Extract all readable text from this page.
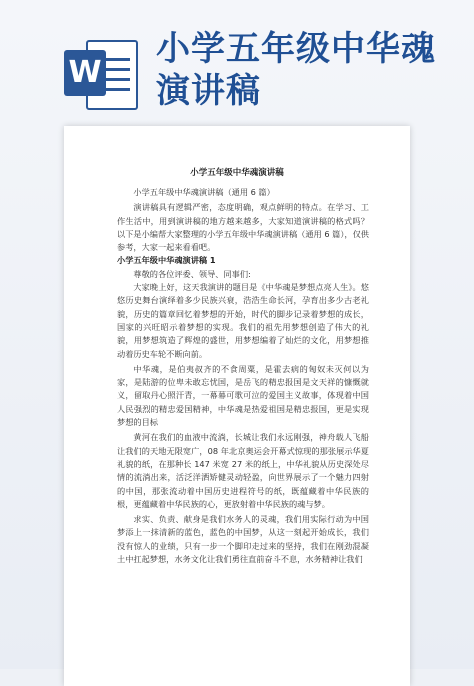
W
小学五年级中华魂演讲稿
小学五年级中华魂演讲稿

小学五年级中华魂演讲稿（通用 6 篇）

演讲稿具有逻辑严密，态度明确，观点鲜明的特点。在学习、工作生活中，用到演讲稿的地方越来越多，大家知道演讲稿的格式吗？以下是小编帮大家整理的小学五年级中华魂演讲稿（通用 6 篇），仅供参考，大家一起来看看吧。

小学五年级中华魂演讲稿 1

尊敬的各位评委、领导、同事们:

大家晚上好，这天我演讲的题目是《中华魂是梦想点亮人生》。悠悠历史舞台演绎着多少民族兴衰，浩浩生命长河，孕育出多少古老礼貌，历史的篇章回忆着梦想的开始，时代的脚步记录着梦想的成长，国家的兴旺昭示着梦想的实现。我们的祖先用梦想创造了伟大的礼貌，用梦想筑造了辉煌的盛世，用梦想编着了灿烂的文化，用梦想推动着历史车轮不断向前。

中华魂，是伯夷叔齐的不食周粟，是霍去病的匈奴未灭何以为家，是陆游的位卑未敢忘忧国，是岳飞的精忠报国是文天祥的慷慨就义，留取丹心照汗青，一幕幕可歌可泣的爱国主义故事，体现着中国人民强烈的精忠爱国精神，中华魂是热爱祖国是精忠报国，更是实现梦想的目标

黄河在我们的血液中流淌，长城让我们永远刚强，神舟载人飞船让我们的天地无限宽广，08 年北京奥运会开幕式惊现的那张展示华夏礼貌的纸，在那种长 147 米宽 27 米的纸上，中华礼貌从历史深处尽情的流淌出来，活泛洋洒矫健灵动轻盈，向世界展示了一个魅力四射的中国，那张流动着中国历史进程符号的纸，既蕴藏着中华民族的根，更蕴藏着中华民族的心，更放射着中华民族的魂与梦。

求实、负责、献身是我们水务人的灵魂，我们用实际行动为中国梦添上一抹清新的蓝色，蓝色的中国梦，从这一刻起开始成长，我们没有惊人的业绩，只有一步一个脚印走过来的坚持，我们在刚劲混凝土中扛起梦想，水务文化让我们勇往直前奋斗不息，水务精神让我们
